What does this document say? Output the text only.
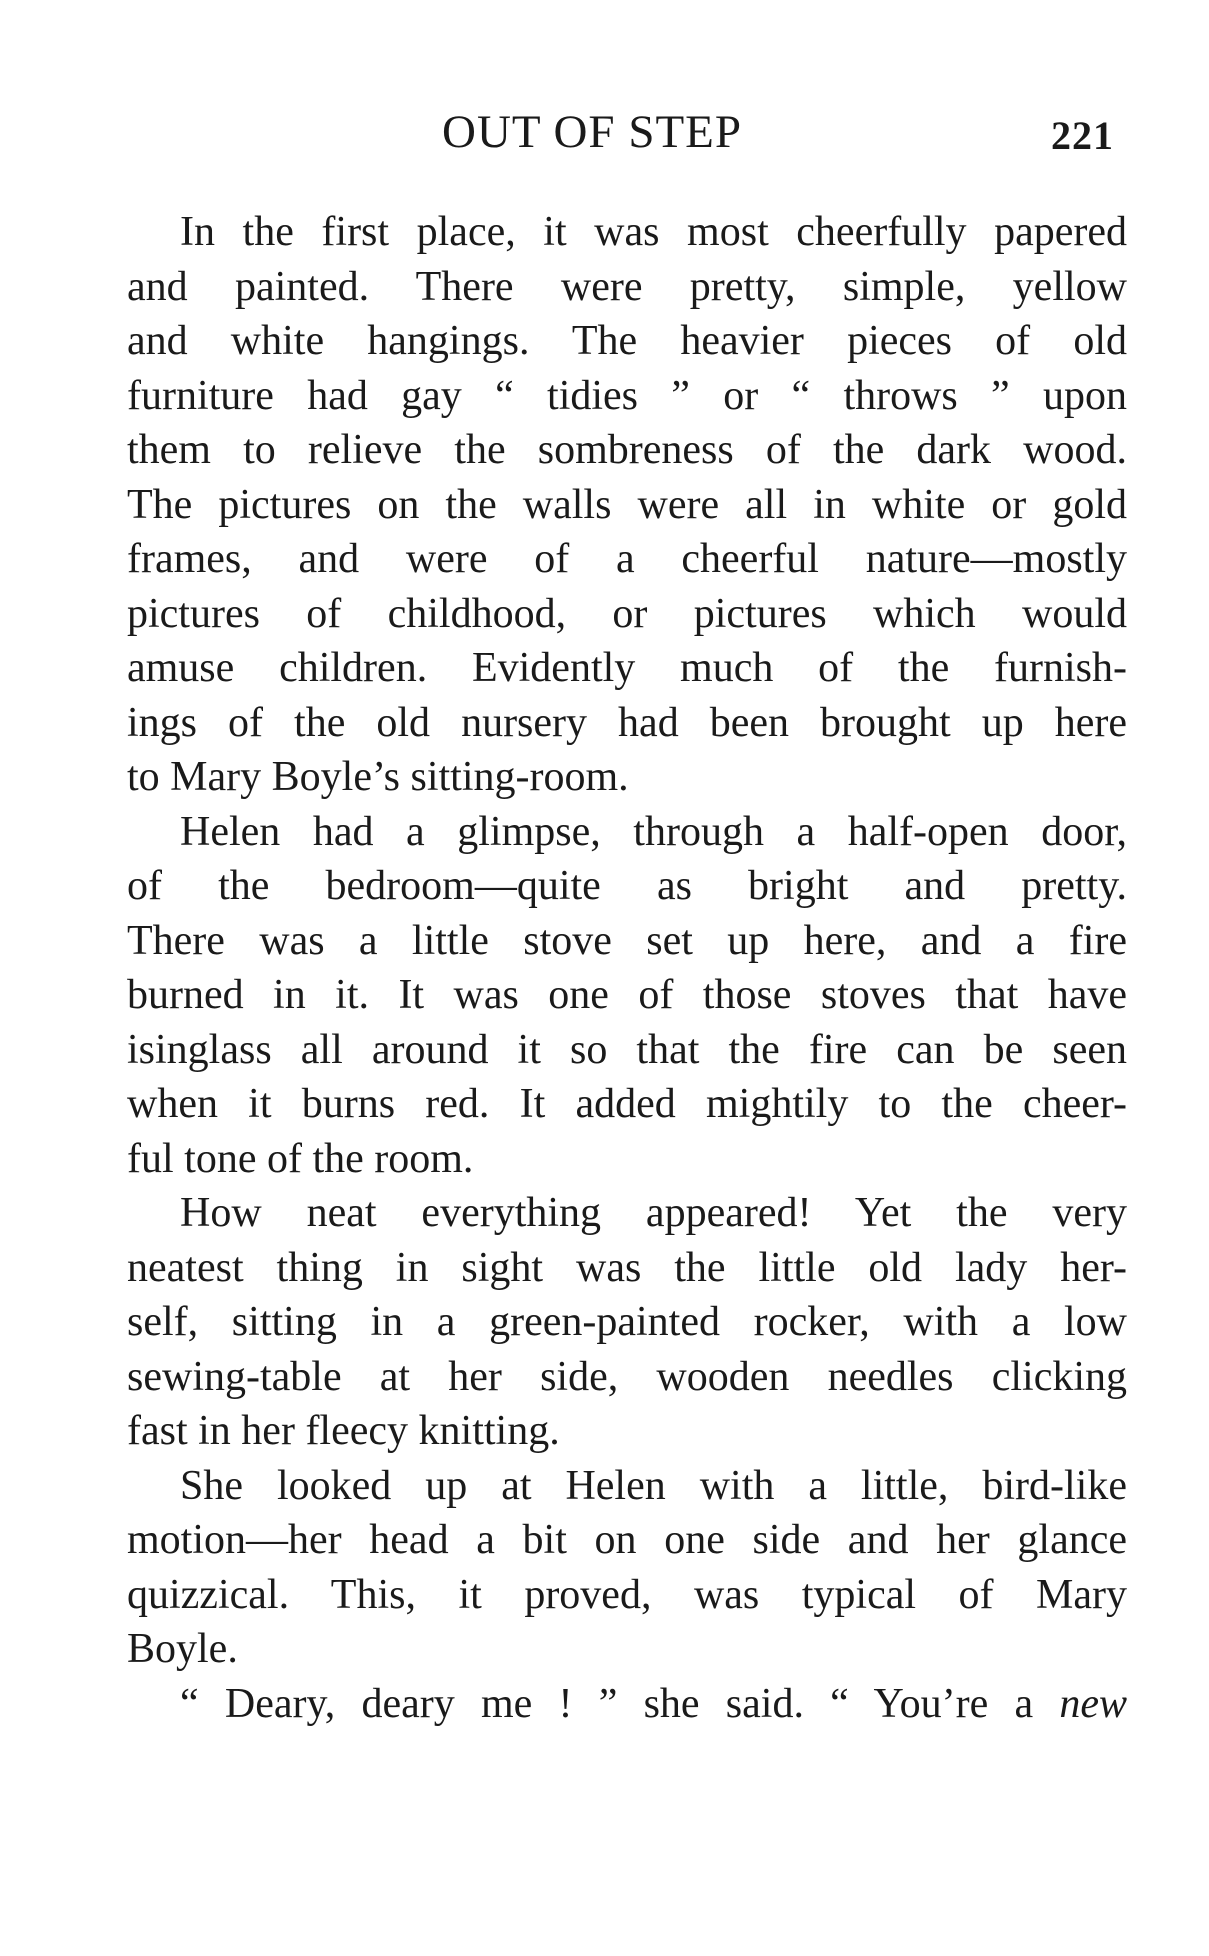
OUT OF STEP	221
In the first place, it was most cheerfully papered
and painted. There were pretty, simple, yellow
and white hangings. The heavier pieces of old
furniture had gay “ tidies ” or “ throws ” upon
them to relieve the sombreness of the dark wood.
The pictures on the walls were all in white or gold
frames, and were of a cheerful nature—mostly
pictures of childhood, or pictures which would
amuse children. Evidently much of the furnish-
ings of the old nursery had been brought up here
to Mary Boyle’s sitting-room.
Helen had a glimpse, through a half-open door,
of the bedroom—quite as bright and pretty.
There was a little stove set up here, and a fire
burned in it. It was one of those stoves that have
isinglass all around it so that the fire can be seen
when it burns red. It added mightily to the cheer-
ful tone of the room.
How neat everything appeared! Yet the very
neatest thing in sight was the little old lady her-
self, sitting in a green-painted rocker, with a low
sewing-table at her side, wooden needles clicking
fast in her fleecy knitting.
She looked up at Helen with a little, bird-like
motion—her head a bit on one side and her glance
quizzical. This, it proved, was typical of Mary
Boyle.
“ Deary, deary me ! ” she said. “ You’re a new
